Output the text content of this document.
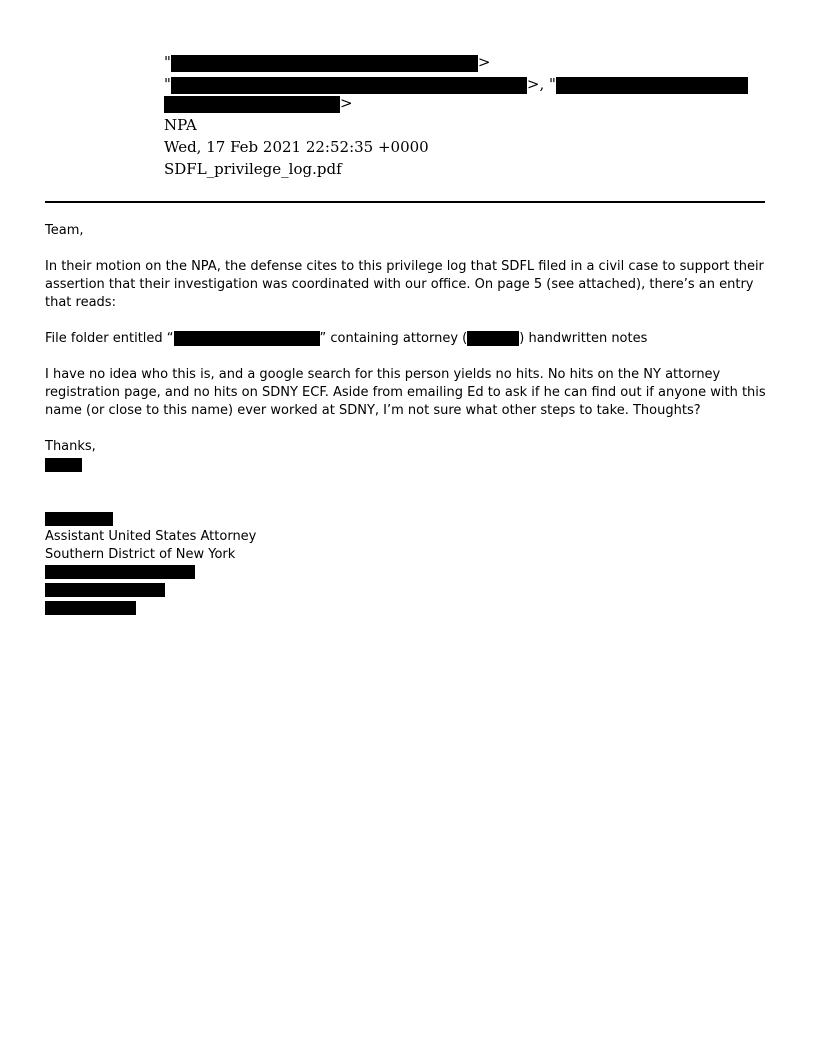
"	>
"	>, "
>
NPA
Wed, 17 Feb 2021 22:52:35 +0000
SDFL_privilege_log.pdf

Team,

In their motion on the NPA, the defense cites to this privilege log that SDFL filed in a civil case to support their assertion that their investigation was coordinated with our office. On page 5 (see attached), there’s an entry that reads:

File folder entitled “	” containing attorney (	) handwritten notes

I have no idea who this is, and a google search for this person yields no hits. No hits on the NY attorney registration page, and no hits on SDNY ECF. Aside from emailing Ed to ask if he can find out if anyone with this name (or close to this name) ever worked at SDNY, I’m not sure what other steps to take. Thoughts?

Thanks,

Assistant United States Attorney
Southern District of New York
